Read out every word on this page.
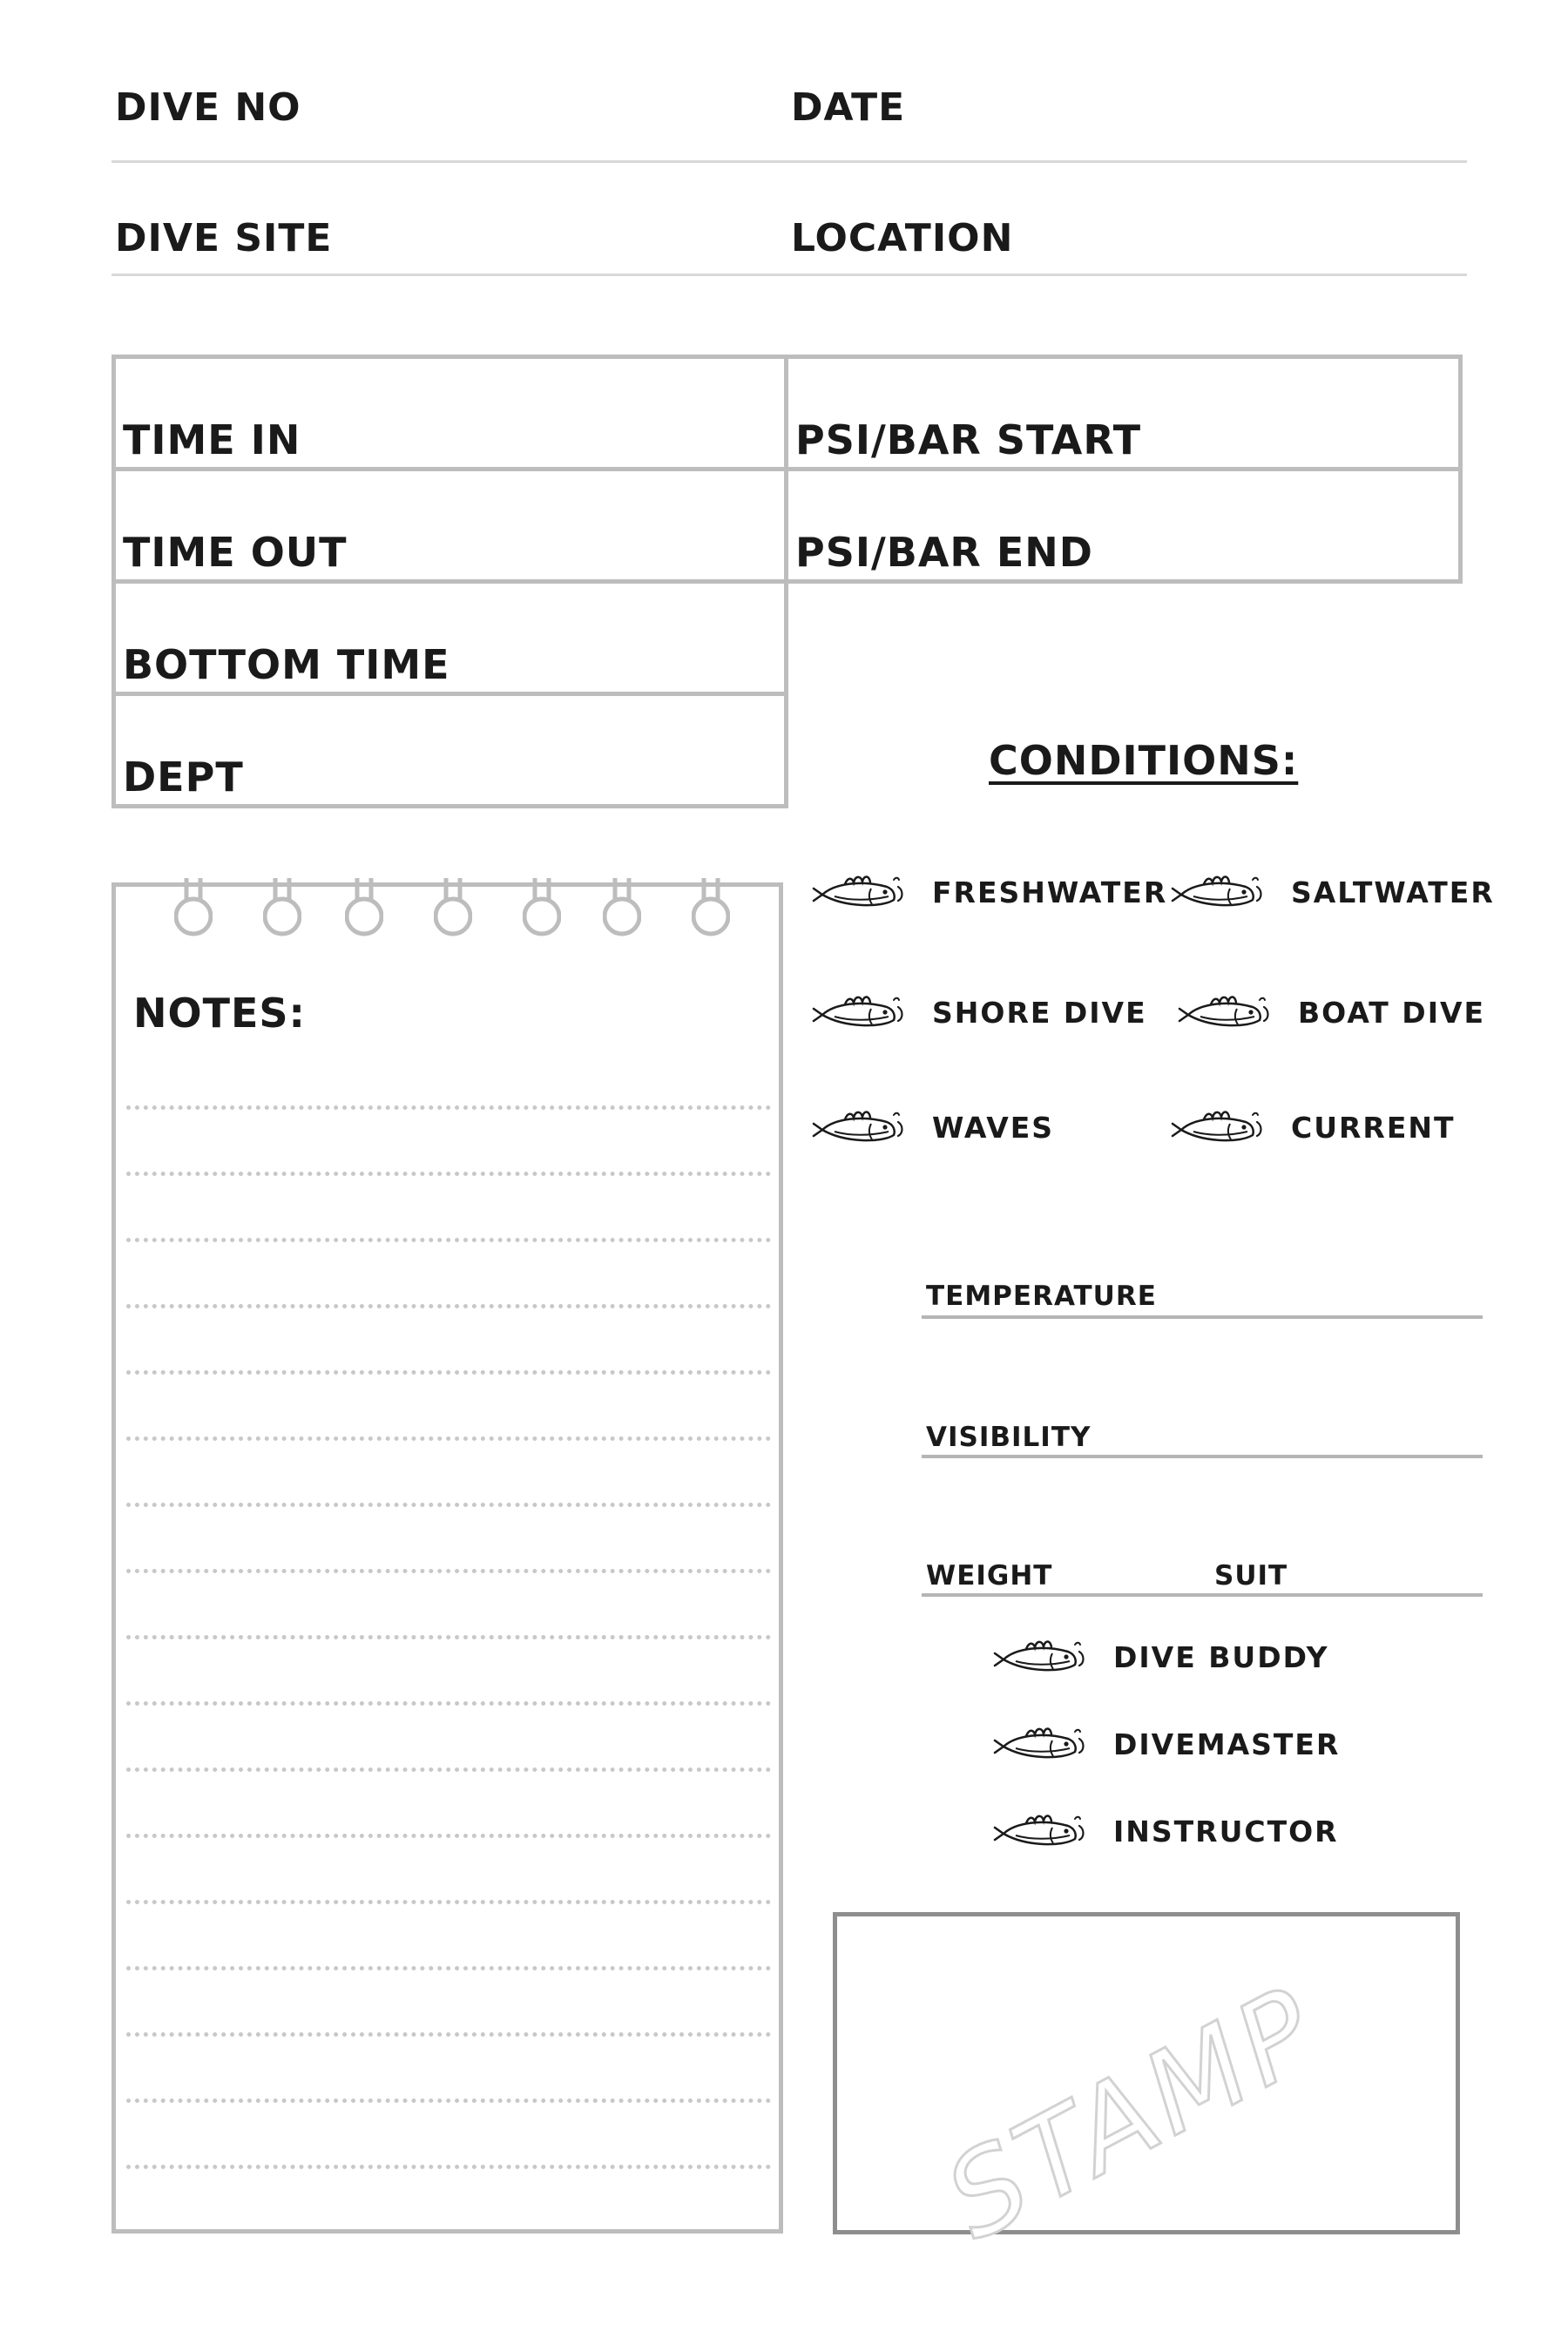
DIVE NO	DATE
DIVE SITE	LOCATION
TIME IN	PSI/BAR START
TIME OUT	PSI/BAR END
BOTTOM TIME
DEPT	CONDITIONS:
FRESHWATER	SALTWATER
SHORE DIVE	BOAT DIVE
WAVES	CURRENT
TEMPERATURE
VISIBILITY
WEIGHT	SUIT
DIVE BUDDY
DIVEMASTER
INSTRUCTOR
NOTES:
STAMP
